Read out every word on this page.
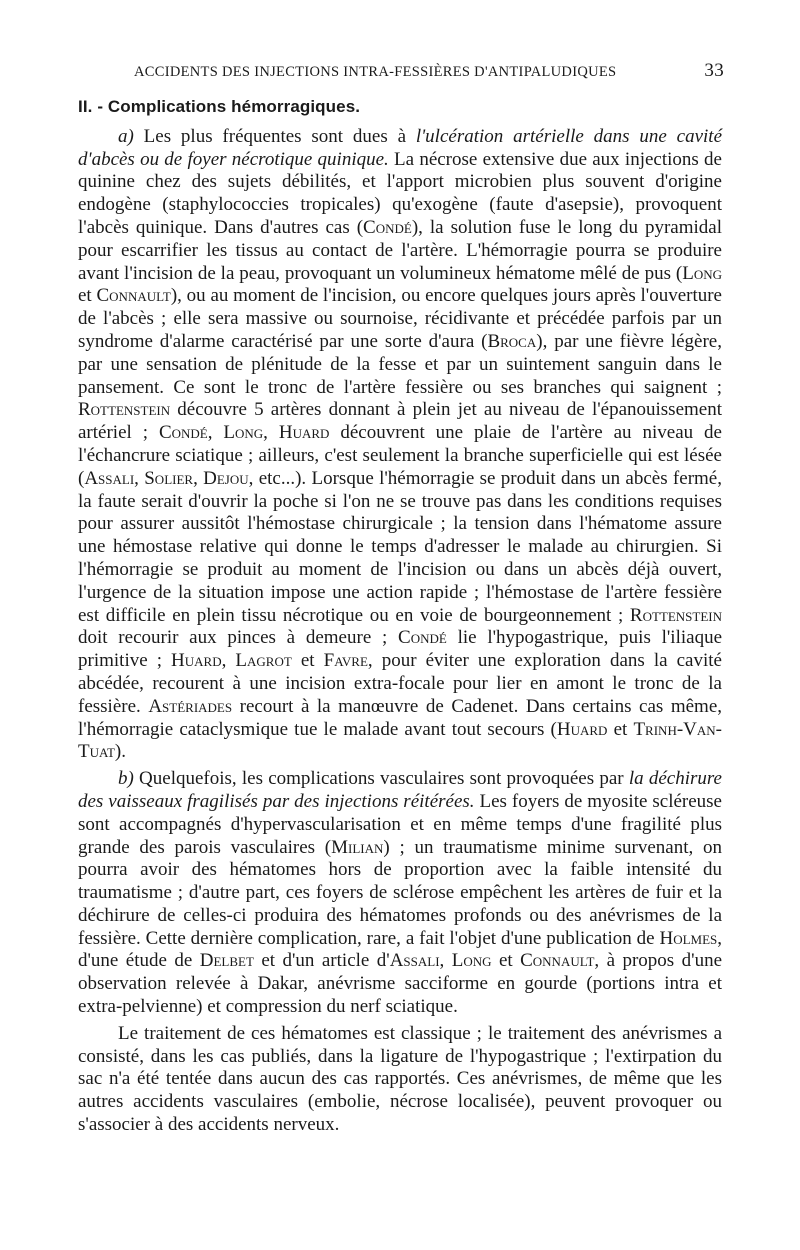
ACCIDENTS DES INJECTIONS INTRA-FESSIÈRES D'ANTIPALUDIQUES	33
II. - Complications hémorragiques.

a) Les plus fréquentes sont dues à l'ulcération artérielle dans une cavité d'abcès ou de foyer nécrotique quinique. La nécrose extensive due aux injections de quinine chez des sujets débilités, et l'apport microbien plus souvent d'origine endogène (staphylococcies tropicales) qu'exogène (faute d'asepsie), provoquent l'abcès quinique. Dans d'autres cas (Condé), la solution fuse le long du pyramidal pour escarrifier les tissus au contact de l'artère. L'hémorragie pourra se produire avant l'incision de la peau, provoquant un volumineux hématome mêlé de pus (Long et Connault), ou au moment de l'incision, ou encore quelques jours après l'ouverture de l'abcès ; elle sera massive ou sournoise, récidivante et précédée parfois par un syndrome d'alarme caractérisé par une sorte d'aura (Broca), par une fièvre légère, par une sensation de plénitude de la fesse et par un suintement sanguin dans le pansement. Ce sont le tronc de l'artère fessière ou ses branches qui saignent ; Rottenstein découvre 5 artères donnant à plein jet au niveau de l'épanouissement artériel ; Condé, Long, Huard découvrent une plaie de l'artère au niveau de l'échancrure sciatique ; ailleurs, c'est seulement la branche superficielle qui est lésée (Assali, Solier, Dejou, etc...). Lorsque l'hémorragie se produit dans un abcès fermé, la faute serait d'ouvrir la poche si l'on ne se trouve pas dans les conditions requises pour assurer aussitôt l'hémostase chirurgicale ; la tension dans l'hématome assure une hémostase relative qui donne le temps d'adresser le malade au chirurgien. Si l'hémorragie se produit au moment de l'incision ou dans un abcès déjà ouvert, l'urgence de la situation impose une action rapide ; l'hémostase de l'artère fessière est difficile en plein tissu nécrotique ou en voie de bourgeonnement ; Rottenstein doit recourir aux pinces à demeure ; Condé lie l'hypogastrique, puis l'iliaque primitive ; Huard, Lagrot et Favre, pour éviter une exploration dans la cavité abcédée, recourent à une incision extra-focale pour lier en amont le tronc de la fessière. Astériades recourt à la manœuvre de Cadenet. Dans certains cas même, l'hémorragie cataclysmique tue le malade avant tout secours (Huard et Trinh-Van-Tuat).

b) Quelquefois, les complications vasculaires sont provoquées par la déchirure des vaisseaux fragilisés par des injections réitérées. Les foyers de myosite scléreuse sont accompagnés d'hypervascularisation et en même temps d'une fragilité plus grande des parois vasculaires (Milian) ; un traumatisme minime survenant, on pourra avoir des hématomes hors de proportion avec la faible intensité du traumatisme ; d'autre part, ces foyers de sclérose empêchent les artères de fuir et la déchirure de celles-ci produira des hématomes profonds ou des anévrismes de la fessière. Cette dernière complication, rare, a fait l'objet d'une publication de Holmes, d'une étude de Delbet et d'un article d'Assali, Long et Connault, à propos d'une observation relevée à Dakar, anévrisme sacciforme en gourde (portions intra et extra-pelvienne) et compression du nerf sciatique.

Le traitement de ces hématomes est classique ; le traitement des anévrismes a consisté, dans les cas publiés, dans la ligature de l'hypogastrique ; l'extirpation du sac n'a été tentée dans aucun des cas rapportés. Ces anévrismes, de même que les autres accidents vasculaires (embolie, nécrose localisée), peuvent provoquer ou s'associer à des accidents nerveux.
